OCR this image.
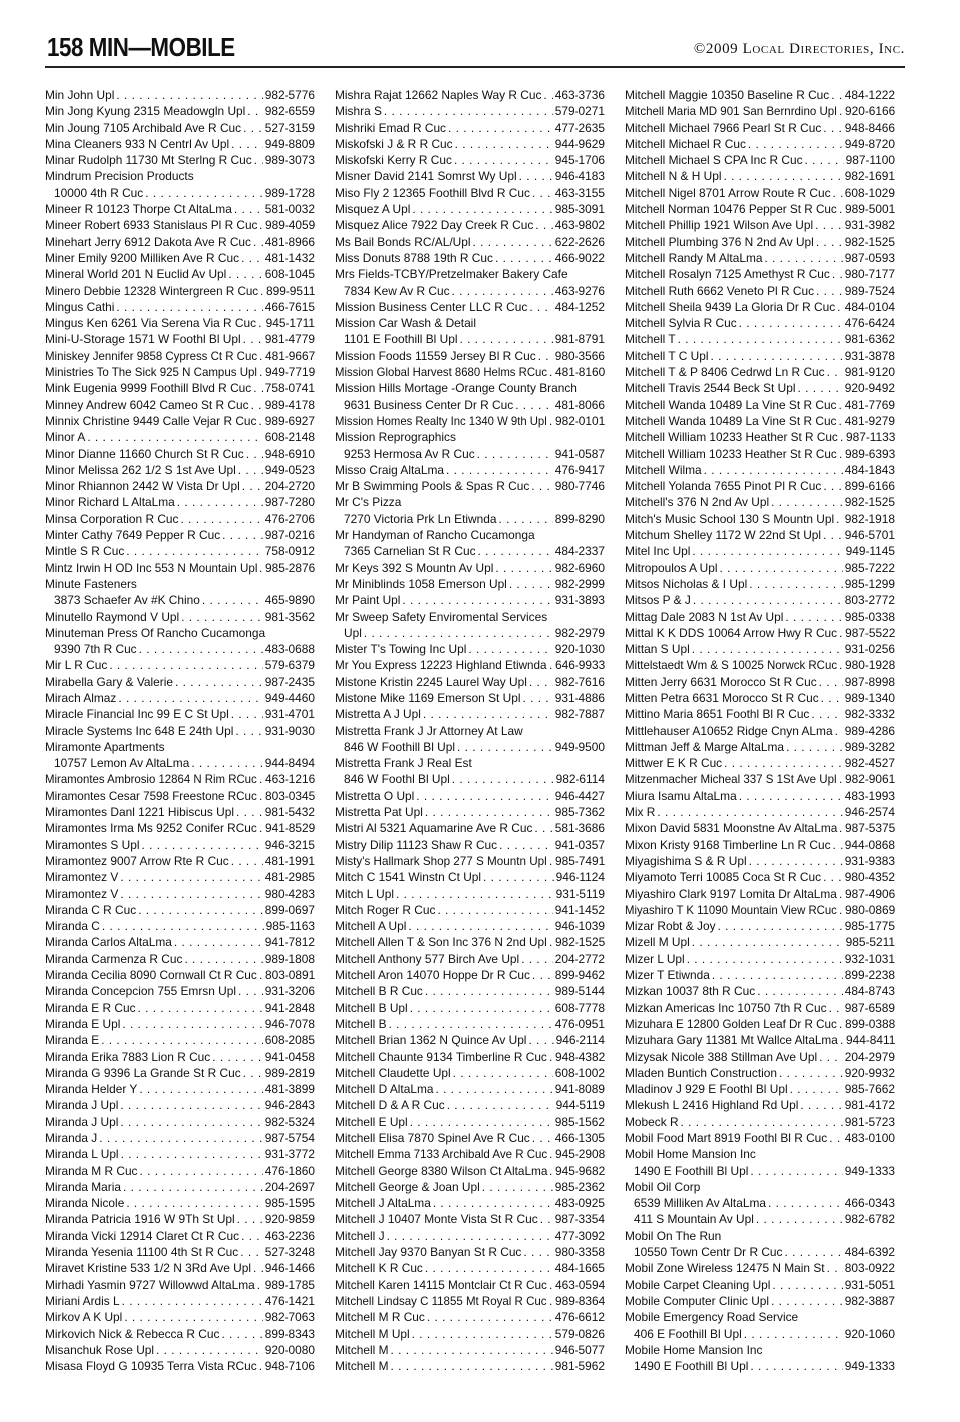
158 MIN—MOBILE	©2009 Local Directories, Inc.
Min John Upl . . .	982-5776
Min Jong Kyung 2315 Meadowgln Upl . . . 982-6559
Min Joung 7105 Archibald Ave R Cuc . . . 527-3159
Mina Cleaners 933 N Centrl Av Upl . . .	949-8809
Minar Rudolph 11730 Mt Sterlng R Cuc . . . 989-3073
Mindrum Precision Products
10000 4th R Cuc . . .	989-1728
Mineer R 10123 Thorpe Ct AltaLma . . .	581-0032
Mineer Robert 6933 Stanislaus Pl R Cuc . . . 989-4059
Minehart Jerry 6912 Dakota Ave R Cuc . . . 481-8966
Miner Emily 9200 Milliken Ave R Cuc . . . 481-1432
Mineral World 201 N Euclid Av Upl . . .	608-1045
Minero Debbie 12328 Wintergreen R Cuc . . . 899-9511
Mingus Cathi . . .	466-7615
Mingus Ken 6261 Via Serena Via R Cuc . . . 945-1711
Mini-U-Storage 1571 W Foothl Bl Upl . . . 981-4779
Miniskey Jennifer 9858 Cypress Ct R Cuc . . . 481-9667
Ministries To The Sick 925 N Campus Upl . . . 949-7719
Mink Eugenia 9999 Foothill Blvd R Cuc . . . 758-0741
Minney Andrew 6042 Cameo St R Cuc . . . 989-4178
Minnix Christine 9449 Calle Vejar R Cuc . . . 989-6927
Minor A . . .	608-2148
Minor Dianne 11660 Church St R Cuc . . . 948-6910
Minor Melissa 262 1/2 S 1st Ave Upl . . . 949-0523
Minor Rhiannon 2442 W Vista Dr Upl . . . 204-2720
Minor Richard L AltaLma . . .	987-7280
Minsa Corporation R Cuc . . .	476-2706
Minter Cathy 7649 Pepper R Cuc . . .	987-0216
Mintle S R Cuc . . .	758-0912
Mintz Irwin H OD Inc 553 N Mountain Upl . . . 985-2876
Minute Fasteners
3873 Schaefer Av #K Chino . . .	465-9890
Minutello Raymond V Upl . . .	981-3562
Minuteman Press Of Rancho Cucamonga
9390 7th R Cuc . . .	483-0688
Mir L R Cuc . . .	579-6379
Mirabella Gary & Valerie . . .	987-2435
Mirach Almaz . . .	949-4460
Miracle Financial Inc 99 E C St Upl . . .	931-4701
Miracle Systems Inc 648 E 24th Upl . . .	931-9030
Miramonte Apartments
10757 Lemon Av AltaLma . . .	944-8494
Miramontes Ambrosio 12864 N Rim RCuc . . . 463-1216
Miramontes Cesar 7598 Freestone RCuc . . . 803-0345
Miramontes Danl 1221 Hibiscus Upl . . .	981-5432
Miramontes Irma Ms 9252 Conifer RCuc . . . 941-8529
Miramontes S Upl . . .	946-3215
Miramontez 9007 Arrow Rte R Cuc . . .	481-1991
Miramontez V . . .	481-2985
Miramontez V . . .	980-4283
Miranda C R Cuc . . .	899-0697
Miranda C . . .	985-1163
Miranda Carlos AltaLma . . .	941-7812
Miranda Carmenza R Cuc . . .	989-1808
Miranda Cecilia 8090 Cornwall Ct R Cuc . . . 803-0891
Miranda Concepcion 755 Emrsn Upl . . . 931-3206
Miranda E R Cuc . . .	941-2848
Miranda E Upl . . .	946-7078
Miranda E . . .	608-2085
Miranda Erika 7883 Lion R Cuc . . .	941-0458
Miranda G 9396 La Grande St R Cuc . . . 989-2819
Miranda Helder Y . . .	481-3899
Miranda J Upl . . .	946-2843
Miranda J Upl . . .	982-5324
Miranda J . . .	987-5754
Miranda L Upl . . .	931-3772
Miranda M R Cuc . . .	476-1860
Miranda Maria . . .	204-2697
Miranda Nicole . . .	985-1595
Miranda Patricia 1916 W 9Th St Upl . . .	920-9859
Miranda Vicki 12914 Claret Ct R Cuc . . . 463-2236
Miranda Yesenia 11100 4th St R Cuc . . . 527-3248
Miravet Kristine 533 1/2 N 3Rd Ave Upl . . . 946-1466
Mirhadi Yasmin 9727 Willowwd AltaLma . . . 989-1785
Miriani Ardis L . . .	476-1421
Mirkov A K Upl . . .	982-7063
Mirkovich Nick & Rebecca R Cuc . . .	899-8343
Misanchuk Rose Upl . . .	920-0080
Misasa Floyd G 10935 Terra Vista RCuc . . . 948-7106
Mishra Rajat 12662 Naples Way R Cuc . . . 463-3736
Mishra S . . .	579-0271
Mishriki Emad R Cuc . . .	477-2635
Miskofski J & R R Cuc . . .	944-9629
Miskofski Kerry R Cuc . . .	945-1706
Misner David 2141 Somrst Wy Upl . . .	946-4183
Miso Fly 2 12365 Foothill Blvd R Cuc . . . 463-3155
Misquez A Upl . . .	985-3091
Misquez Alice 7922 Day Creek R Cuc . . . 463-9802
Ms Bail Bonds RC/AL/Upl . . .	622-2626
Miss Donuts 8788 19th R Cuc . . .	466-9022
Mrs Fields-TCBY/Pretzelmaker Bakery Cafe
7834 Kew Av R Cuc . . .	463-9276
Mission Business Center LLC R Cuc . . . 484-1252
Mission Car Wash & Detail
1101 E Foothill Bl Upl . . .	981-8791
Mission Foods 11559 Jersey Bl R Cuc . . . 980-3566
Mission Global Harvest 8680 Helms RCuc . . . 481-8160
Mission Hills Mortage -Orange County Branch
9631 Business Center Dr R Cuc . . .	481-8066
Mission Homes Realty Inc 1340 W 9th Upl . . . 982-0101
Mission Reprographics
9253 Hermosa Av R Cuc . . .	941-0587
Misso Craig AltaLma . . .	476-9417
Mr B Swimming Pools & Spas R Cuc . . . 980-7746
Mr C's Pizza
7270 Victoria Prk Ln Etiwnda . . .	899-8290
Mr Handyman of Rancho Cucamonga
7365 Carnelian St R Cuc . . .	484-2337
Mr Keys 392 S Mountn Av Upl . . .	982-6960
Mr Miniblinds 1058 Emerson Upl . . .	982-2999
Mr Paint Upl . . .	931-3893
Mr Sweep Safety Enviromental Services
Upl . . .	982-2979
Mister T's Towing Inc Upl . . .	920-1030
Mr You Express 12223 Highland Etiwnda . . . 646-9933
Mistone Kristin 2245 Laurel Way Upl . . . 982-7616
Mistone Mike 1169 Emerson St Upl . . .	931-4886
Mistretta A J Upl . . .	982-7887
Mistretta Frank J Jr Attorney At Law
846 W Foothill Bl Upl . . .	949-9500
Mistretta Frank J Real Est
846 W Foothl Bl Upl . . .	982-6114
Mistretta O Upl . . .	946-4427
Mistretta Pat Upl . . .	985-7362
Mistri Al 5321 Aquamarine Ave R Cuc . . . 581-3686
Mistry Dilip 11123 Shaw R Cuc . . .	941-0357
Misty's Hallmark Shop 277 S Mountn Upl . . . 985-7491
Mitch C 1541 Winstn Ct Upl . . .	946-1124
Mitch L Upl . . .	931-5119
Mitch Roger R Cuc . . .	941-1452
Mitchell A Upl . . .	946-1039
Mitchell Allen T & Son Inc 376 N 2nd Upl . . . 982-1525
Mitchell Anthony 577 Birch Ave Upl . . .	204-2772
Mitchell Aron 14070 Hoppe Dr R Cuc . . . 899-9462
Mitchell B R Cuc . . .	989-5144
Mitchell B Upl . . .	608-7778
Mitchell B . . .	476-0951
Mitchell Brian 1362 N Quince Av Upl . . . 946-2114
Mitchell Chaunte 9134 Timberline R Cuc . . . 948-4382
Mitchell Claudette Upl . . .	608-1002
Mitchell D AltaLma . . .	941-8089
Mitchell D & A R Cuc . . .	944-5119
Mitchell E Upl . . .	985-1562
Mitchell Elisa 7870 Spinel Ave R Cuc . . . 466-1305
Mitchell Emma 7133 Archibald Ave R Cuc . . . 945-2908
Mitchell George 8380 Wilson Ct AltaLma . . . 945-9682
Mitchell George & Joan Upl . . .	985-2362
Mitchell J AltaLma . . .	483-0925
Mitchell J 10407 Monte Vista St R Cuc . . . 987-3354
Mitchell J . . .	477-3092
Mitchell Jay 9370 Banyan St R Cuc . . .	980-3358
Mitchell K R Cuc . . .	484-1665
Mitchell Karen 14115 Montclair Ct R Cuc . . . 463-0594
Mitchell Lindsay C 11855 Mt Royal R Cuc . . . 989-8364
Mitchell M R Cuc . . .	476-6612
Mitchell M Upl . . .	579-0826
Mitchell M . . .	946-5077
Mitchell M . . .	981-5962
Mitchell Maggie 10350 Baseline R Cuc . . . 484-1222
Mitchell Maria MD 901 San Bernrdino Upl . . . 920-6166
Mitchell Michael 7966 Pearl St R Cuc . . . 948-8466
Mitchell Michael R Cuc . . .	949-8720
Mitchell Michael S CPA Inc R Cuc . . .	987-1100
Mitchell N & H Upl . . .	982-1691
Mitchell Nigel 8701 Arrow Route R Cuc . . . 608-1029
Mitchell Norman 10476 Pepper St R Cuc . . . 989-5001
Mitchell Phillip 1921 Wilson Ave Upl . . .	931-3982
Mitchell Plumbing 376 N 2nd Av Upl . . .	982-1525
Mitchell Randy M AltaLma . . .	987-0593
Mitchell Rosalyn 7125 Amethyst R Cuc . . . 980-7177
Mitchell Ruth 6662 Veneto Pl R Cuc . . .	989-7524
Mitchell Sheila 9439 La Gloria Dr R Cuc . . . 484-0104
Mitchell Sylvia R Cuc . . .	476-6424
Mitchell T . . .	981-6362
Mitchell T C Upl . . .	931-3878
Mitchell T & P 8406 Cedrwd Ln R Cuc . . . 981-9120
Mitchell Travis 2544 Beck St Upl . . .	920-9492
Mitchell Wanda 10489 La Vine St R Cuc . . . 481-7769
Mitchell Wanda 10489 La Vine St R Cuc . . . 481-9279
Mitchell William 10233 Heather St R Cuc . . . 987-1133
Mitchell William 10233 Heather St R Cuc . . . 989-6393
Mitchell Wilma . . .	484-1843
Mitchell Yolanda 7655 Pinot Pl R Cuc . . . 899-6166
Mitchell's 376 N 2nd Av Upl . . .	982-1525
Mitch's Music School 130 S Mountn Upl . . . 982-1918
Mitchum Shelley 1172 W 22nd St Upl . . . 946-5701
Mitel Inc Upl . . .	949-1145
Mitropoulos A Upl . . .	985-7222
Mitsos Nicholas & I Upl . . .	985-1299
Mitsos P & J . . .	803-2772
Mittag Dale 2083 N 1st Av Upl . . .	985-0338
Mittal K K DDS 10064 Arrow Hwy R Cuc . . . 987-5522
Mittan S Upl . . .	931-0256
Mittelstaedt Wm & S 10025 Norwck RCuc . . . 980-1928
Mitten Jerry 6631 Morocco St R Cuc . . . 987-8998
Mitten Petra 6631 Morocco St R Cuc . . . 989-1340
Mittino Maria 8651 Foothl Bl R Cuc . . .	982-3332
Mittlehauser A10652 Ridge Cnyn ALma . . . 989-4286
Mittman Jeff & Marge AltaLma . . .	989-3282
Mittwer E K R Cuc . . .	982-4527
Mitzenmacher Micheal 337 S 1St Ave Upl . . . 982-9061
Miura Isamu AltaLma . . .	483-1993
Mix R . . .	946-2574
Mixon David 5831 Moonstne Av AltaLma . . . 987-5375
Mixon Kristy 9168 Timberline Ln R Cuc . . . 944-0868
Miyagishima S & R Upl . . .	931-9383
Miyamoto Terri 10085 Coca St R Cuc . . . 980-4352
Miyashiro Clark 9197 Lomita Dr AltaLma . . . 987-4906
Miyashiro T K 11090 Mountain View RCuc . . . 980-0869
Mizar Robt & Joy . . .	985-1775
Mizell M Upl . . .	985-5211
Mizer L Upl . . .	932-1031
Mizer T Etiwnda . . .	899-2238
Mizkan 10037 8th R Cuc . . .	484-8743
Mizkan Americas Inc 10750 7th R Cuc . . . 987-6589
Mizuhara E 12800 Golden Leaf Dr R Cuc . . . 899-0388
Mizuhara Gary 11381 Mt Wallce AltaLma . . . 944-8411
Mizysak Nicole 388 Stillman Ave Upl . . . 204-2979
Mladen Buntich Construction . . .	920-9932
Mladinov J 929 E Foothl Bl Upl . . .	985-7662
Mlekush L 2416 Highland Rd Upl . . .	981-4172
Mobeck R . . .	981-5723
Mobil Food Mart 8919 Foothl Bl R Cuc . . . 483-0100
Mobil Home Mansion Inc
1490 E Foothill Bl Upl . . .	949-1333
Mobil Oil Corp
6539 Milliken Av AltaLma . . .	466-0343
411 S Mountain Av Upl . . .	982-6782
Mobil On The Run
10550 Town Centr Dr R Cuc . . .	484-6392
Mobil Zone Wireless 12475 N Main St . . . 803-0922
Mobile Carpet Cleaning Upl . . .	931-5051
Mobile Computer Clinic Upl . . .	982-3887
Mobile Emergency Road Service
406 E Foothill Bl Upl . . .	920-1060
Mobile Home Mansion Inc
1490 E Foothill Bl Upl . . .	949-1333
